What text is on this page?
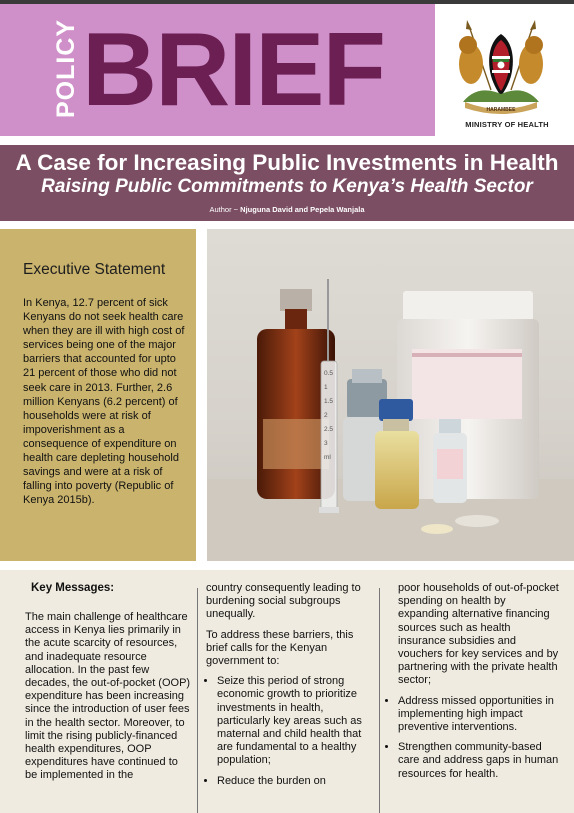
POLICY BRIEF	HARAMBEE
MINISTRY OF HEALTH
A Case for Increasing Public Investments in Health
Raising Public Commitments to Kenya’s Health Sector
Author ~ Njuguna David and Pepela Wanjala
Executive Statement
In Kenya, 12.7 percent of sick Kenyans do not seek health care when they are ill with high cost of services being one of the major barriers that accounted for upto 21 percent of those who did not seek care in 2013. Further, 2.6 million Kenyans (6.2 percent) of households were at risk of impoverishment as a consequence of expenditure on health care depleting household savings and were at a risk of falling into poverty (Republic of Kenya 2015b).
0.5
1
1.5
2
2.5
3
ml
Key Messages:

The main challenge of healthcare access in Kenya lies primarily in the acute scarcity of resources, and inadequate resource allocation. In the past few decades, the out-of-pocket (OOP) expenditure has been increasing since the introduction of user fees in the health sector. Moreover, to limit the rising publicly-financed health expenditures, OOP expenditures have continued to be implemented in the

country consequently leading to burdening social subgroups unequally.

To address these barriers, this brief calls for the Kenyan government to:

• Seize this period of strong economic growth to prioritize investments in health, particularly key areas such as maternal and child health that are fundamental to a healthy population;
• Reduce the burden on

poor households of out-of-pocket spending on health by expanding alternative financing sources such as health insurance subsidies and vouchers for key services and by partnering with the private health sector;

• Address missed opportunities in implementing high impact preventive interventions.
• Strengthen community-based care and address gaps in human resources for health.
